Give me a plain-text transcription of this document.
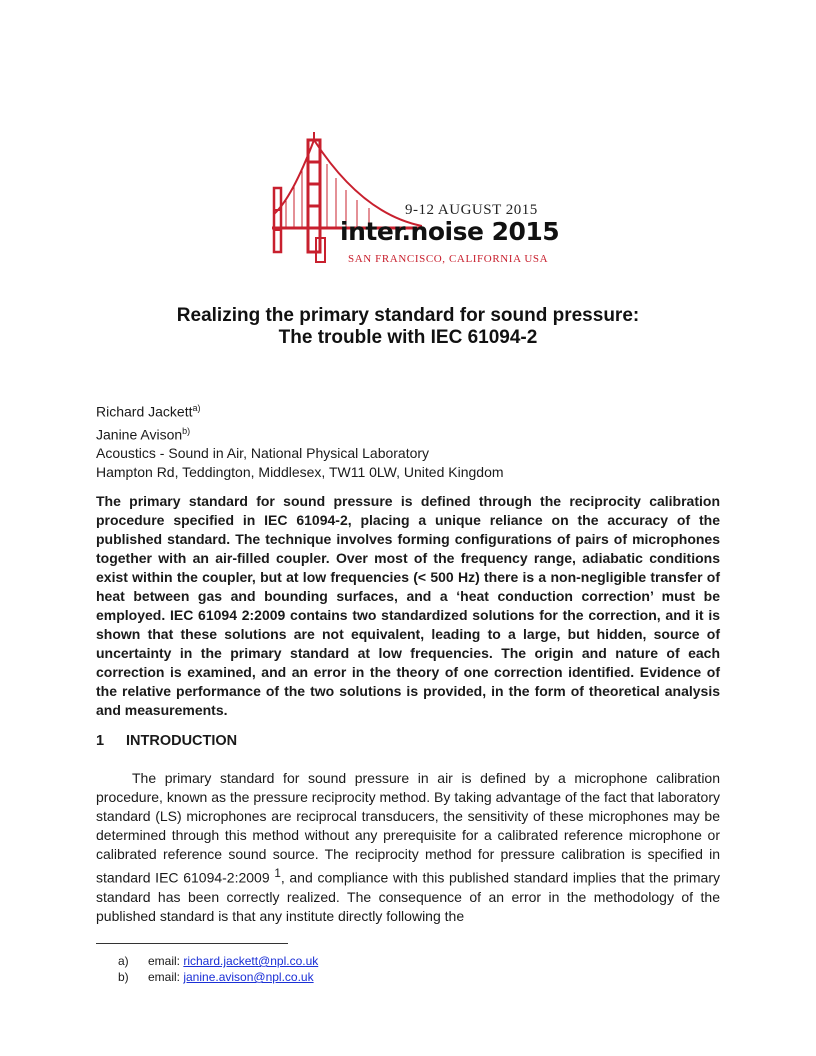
9-12 AUGUST 2015
inter.noise 2015
SAN FRANCISCO, CALIFORNIA USA
Realizing the primary standard for sound pressure:
The trouble with IEC 61094-2
Richard Jackett$^{a)}$
Janine Avison$^{b)}$
Acoustics - Sound in Air, National Physical Laboratory
Hampton Rd, Teddington, Middlesex, TW11 0LW, United Kingdom
The primary standard for sound pressure is defined through the reciprocity calibration procedure specified in IEC 61094-2, placing a unique reliance on the accuracy of the published standard. The technique involves forming configurations of pairs of microphones together with an air-filled coupler. Over most of the frequency range, adiabatic conditions exist within the coupler, but at low frequencies (< 500 Hz) there is a non-negligible transfer of heat between gas and bounding surfaces, and a ‘heat conduction correction’ must be employed. IEC 61094 2:2009 contains two standardized solutions for the correction, and it is shown that these solutions are not equivalent, leading to a large, but hidden, source of uncertainty in the primary standard at low frequencies. The origin and nature of each correction is examined, and an error in the theory of one correction identified. Evidence of the relative performance of the two solutions is provided, in the form of theoretical analysis and measurements.
1 INTRODUCTION
The primary standard for sound pressure in air is defined by a microphone calibration procedure, known as the pressure reciprocity method. By taking advantage of the fact that laboratory standard (LS) microphones are reciprocal transducers, the sensitivity of these microphones may be determined through this method without any prerequisite for a calibrated reference microphone or calibrated reference sound source. The reciprocity method for pressure calibration is specified in standard IEC 61094-2:2009 $^1$, and compliance with this published standard implies that the primary standard has been correctly realized. The consequence of an error in the methodology of the published standard is that any institute directly following the
a) email: richard.jackett@npl.co.uk
b) email: janine.avison@npl.co.uk
